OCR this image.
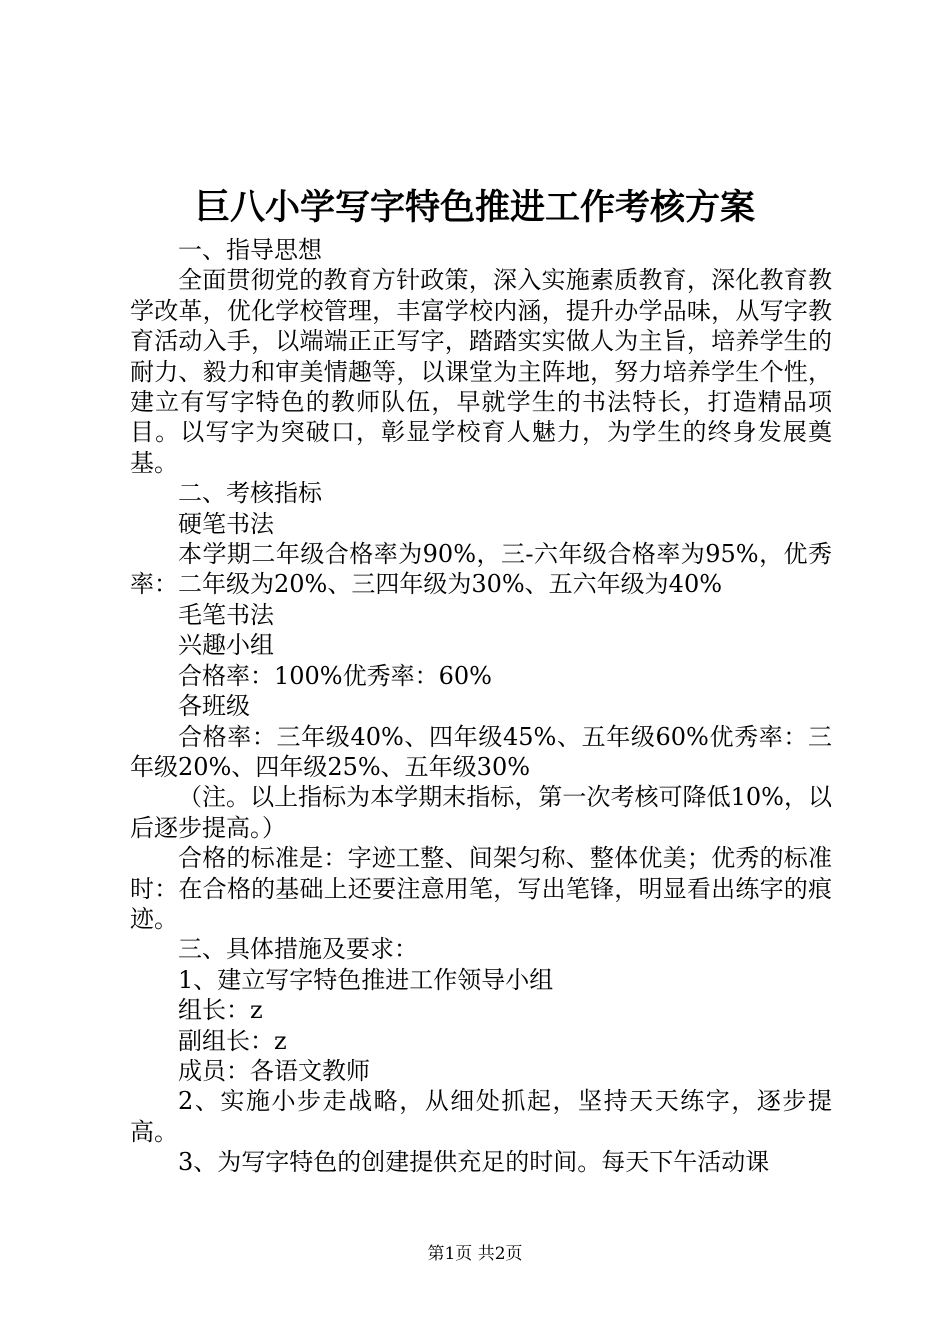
巨八小学写字特色推进工作考核方案

一、指导思想

全面贯彻党的教育方针政策，深入实施素质教育，深化教育教学改革，优化学校管理，丰富学校内涵，提升办学品味，从写字教育活动入手，以端端正正写字，踏踏实实做人为主旨，培养学生的耐力、毅力和审美情趣等，以课堂为主阵地，努力培养学生个性，建立有写字特色的教师队伍，早就学生的书法特长，打造精品项目。以写字为突破口，彰显学校育人魅力，为学生的终身发展奠基。

二、考核指标

硬笔书法

本学期二年级合格率为90%，三-六年级合格率为95%，优秀率：二年级为20%、三四年级为30%、五六年级为40%

毛笔书法

兴趣小组

合格率：100%优秀率：60%

各班级

合格率：三年级40%、四年级45%、五年级60%优秀率：三年级20%、四年级25%、五年级30%

（注。以上指标为本学期末指标，第一次考核可降低10%，以后逐步提高。）

合格的标准是：字迹工整、间架匀称、整体优美；优秀的标准时：在合格的基础上还要注意用笔，写出笔锋，明显看出练字的痕迹。

三、具体措施及要求：

1、建立写字特色推进工作领导小组

组长：z

副组长：z

成员：各语文教师

2、实施小步走战略，从细处抓起，坚持天天练字，逐步提高。

3、为写字特色的创建提供充足的时间。每天下午活动课

第1页 共2页
